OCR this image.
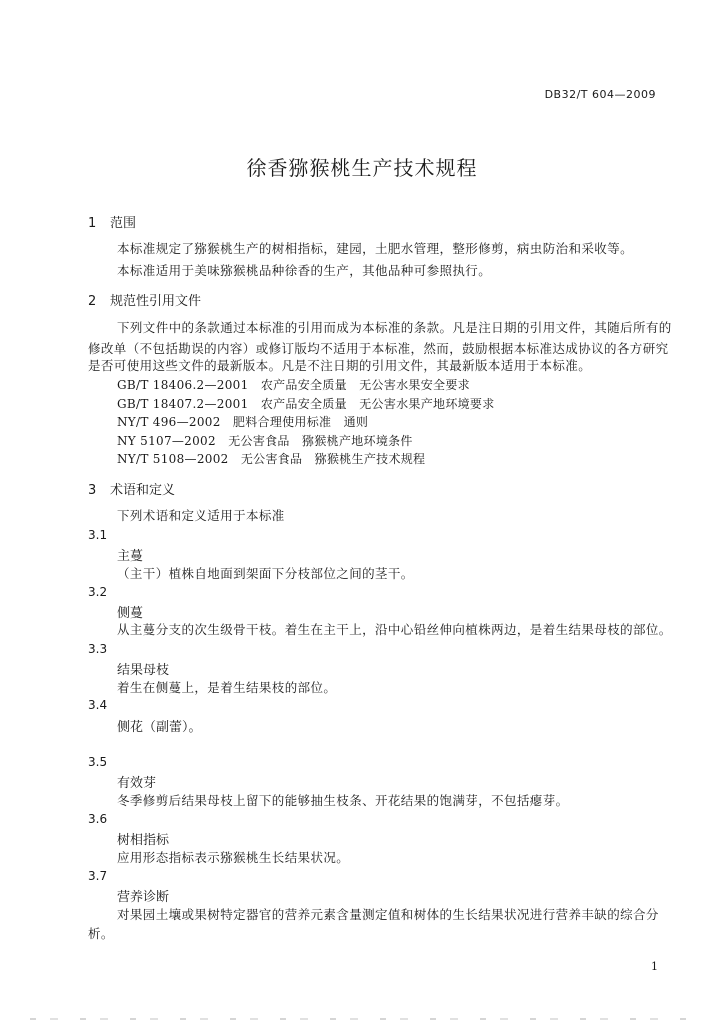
DB32/T 604—2009
徐香猕猴桃生产技术规程
1 范围
本标准规定了猕猴桃生产的树相指标，建园，土肥水管理，整形修剪，病虫防治和采收等。
本标准适用于美味猕猴桃品种徐香的生产，其他品种可参照执行。
2 规范性引用文件
下列文件中的条款通过本标准的引用而成为本标准的条款。凡是注日期的引用文件，其随后所有的
修改单（不包括勘误的内容）或修订版均不适用于本标准，然而，鼓励根据本标准达成协议的各方研究
是否可使用这些文件的最新版本。凡是不注日期的引用文件，其最新版本适用于本标准。
GB/T 18406.2—2001　农产品安全质量　无公害水果安全要求
GB/T 18407.2—2001　农产品安全质量　无公害水果产地环境要求
NY/T 496—2002　肥料合理使用标准　通则
NY 5107—2002　无公害食品　猕猴桃产地环境条件
NY/T 5108—2002　无公害食品　猕猴桃生产技术规程
3 术语和定义
下列术语和定义适用于本标准
3.1
主蔓
（主干）植株自地面到架面下分枝部位之间的茎干。
3.2
侧蔓
从主蔓分支的次生级骨干枝。着生在主干上，沿中心铅丝伸向植株两边，是着生结果母枝的部位。
3.3
结果母枝
着生在侧蔓上，是着生结果枝的部位。
3.4
侧花（副蕾）。
3.5
有效芽
冬季修剪后结果母枝上留下的能够抽生枝条、开花结果的饱满芽，不包括瘪芽。
3.6
树相指标
应用形态指标表示猕猴桃生长结果状况。
3.7
营养诊断
对果园土壤或果树特定器官的营养元素含量测定值和树体的生长结果状况进行营养丰缺的综合分
析。
1
